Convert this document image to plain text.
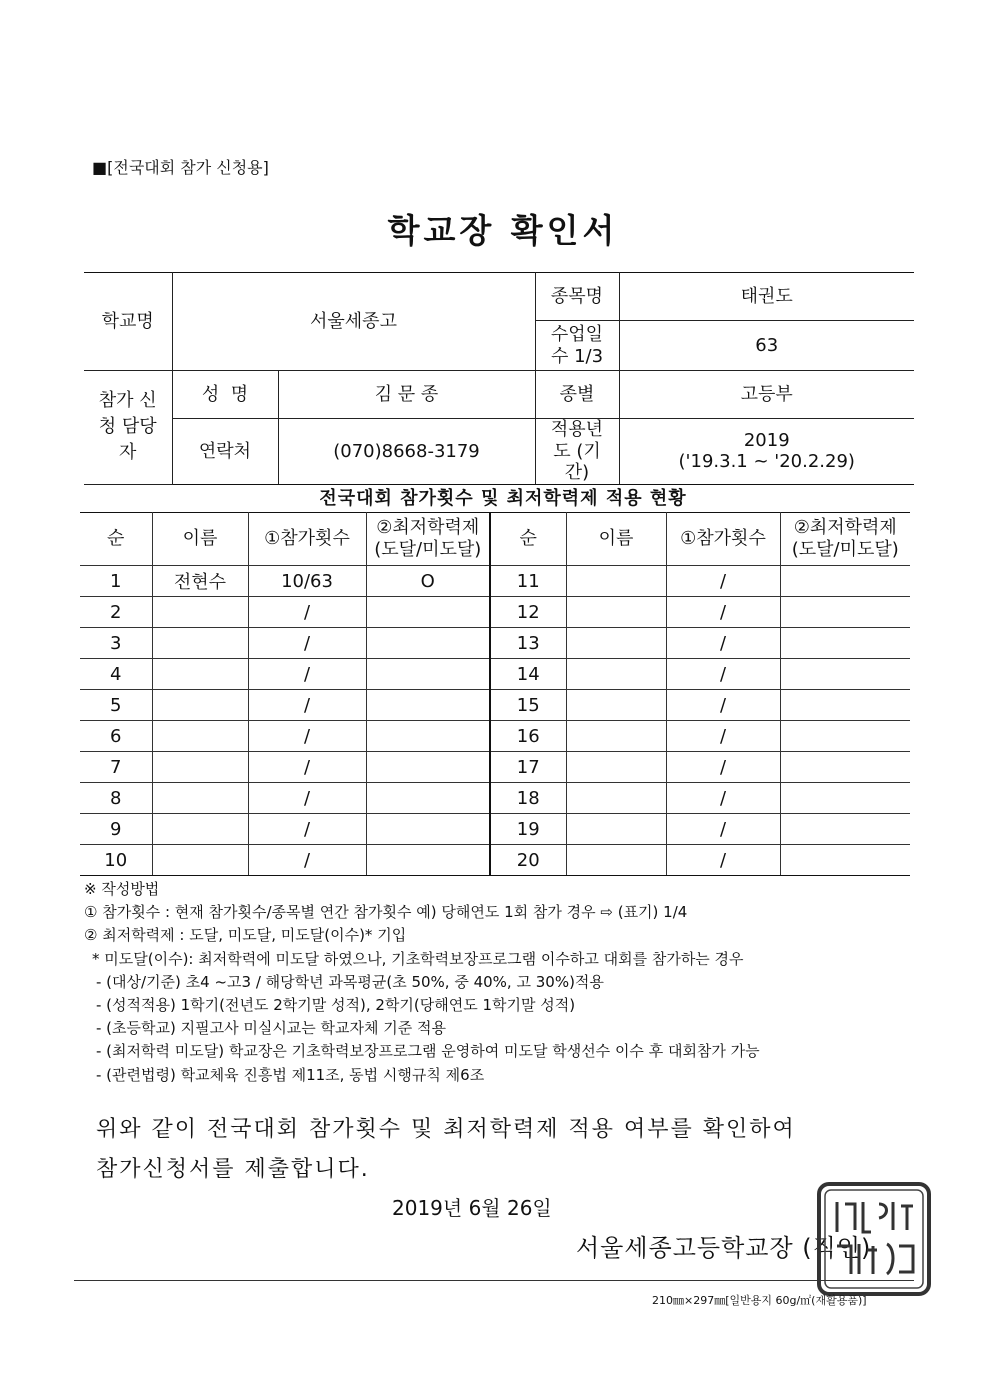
■[전국대회 참가 신청용]
학교장 확인서
학교명	서울세종고		종목명	태권도
			수업일수 1/3	63
참가 신청 담당자	성  명	김 문 종	종별	고등부
	연락처	(070)8668-3179	적용년도 (기간)	2019
('19.3.1 ~ '20.2.29)
전국대회 참가횟수 및 최저학력제 적용 현황
순	이름	①참가횟수	②최저학력제 (도달/미도달)	순	이름	①참가횟수	②최저학력제 (도달/미도달)
1	전현수	10/63	O	11		/	
2		/		12		/	
3		/		13		/	
4		/		14		/	
5		/		15		/	
6		/		16		/	
7		/		17		/	
8		/		18		/	
9		/		19		/	
10		/		20		/	
※ 작성방법
① 참가횟수 : 현재 참가횟수/종목별 연간 참가횟수 예) 당해연도 1회 참가 경우 ⇨ (표기) 1/4
② 최저학력제 : 도달, 미도달, 미도달(이수)* 기입
* 미도달(이수): 최저학력에 미도달 하였으나, 기초학력보장프로그램 이수하고 대회를 참가하는 경우
- (대상/기준) 초4 ~고3 / 해당학년 과목평균(초 50%, 중 40%, 고 30%)적용
- (성적적용) 1학기(전년도 2학기말 성적), 2학기(당해연도 1학기말 성적)
- (초등학교) 지필고사 미실시교는 학교자체 기준 적용
- (최저학력 미도달) 학교장은 기초학력보장프로그램 운영하여 미도달 학생선수 이수 후 대회참가 가능
- (관련법령) 학교체육 진흥법 제11조, 동법 시행규칙 제6조
위와 같이 전국대회 참가횟수 및 최저학력제 적용 여부를 확인하여
참가신청서를 제출합니다.
2019년 6월 26일
서울세종고등학교장 (직인)
210㎜×297㎜[일반용지 60g/㎡(재활용품)]
